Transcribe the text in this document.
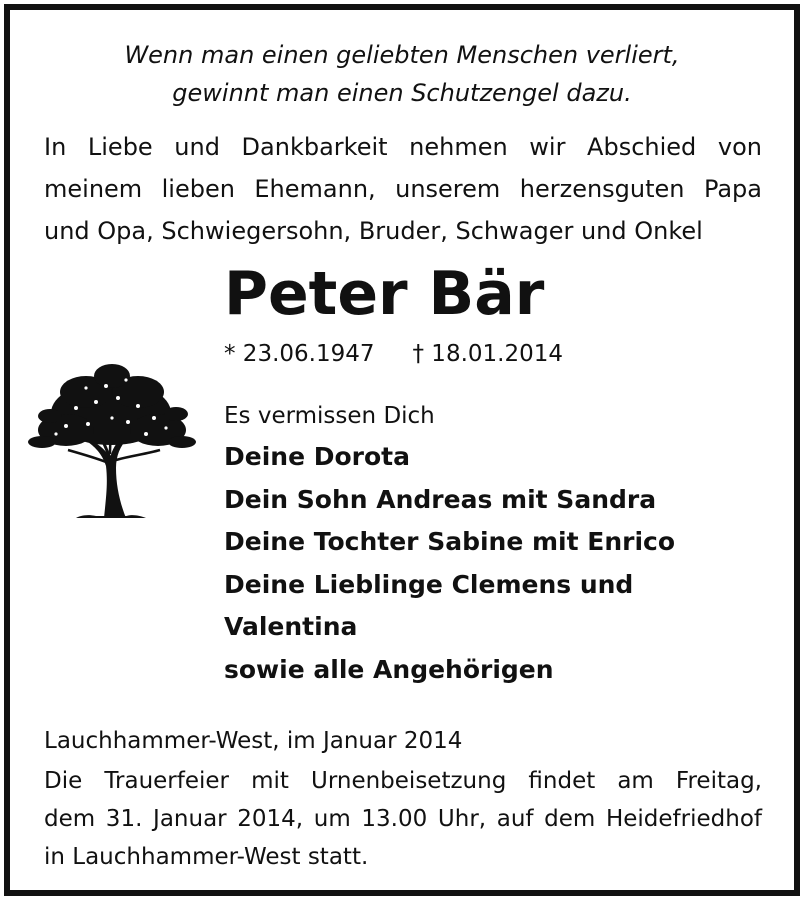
Wenn man einen geliebten Menschen verliert,
gewinnt man einen Schutzengel dazu.
In Liebe und Dankbarkeit nehmen wir Abschied von
meinem lieben Ehemann, unserem herzensguten Papa
und Opa, Schwiegersohn, Bruder, Schwager und Onkel
Peter Bär
* 23.06.1947 † 18.01.2014
Es vermissen Dich
Deine Dorota
Dein Sohn Andreas mit Sandra
Deine Tochter Sabine mit Enrico
Deine Lieblinge Clemens und
Valentina
sowie alle Angehörigen
Lauchhammer-West, im Januar 2014
Die Trauerfeier mit Urnenbeisetzung findet am Freitag,
dem 31. Januar 2014, um 13.00 Uhr, auf dem Heidefriedhof
in Lauchhammer-West statt.
